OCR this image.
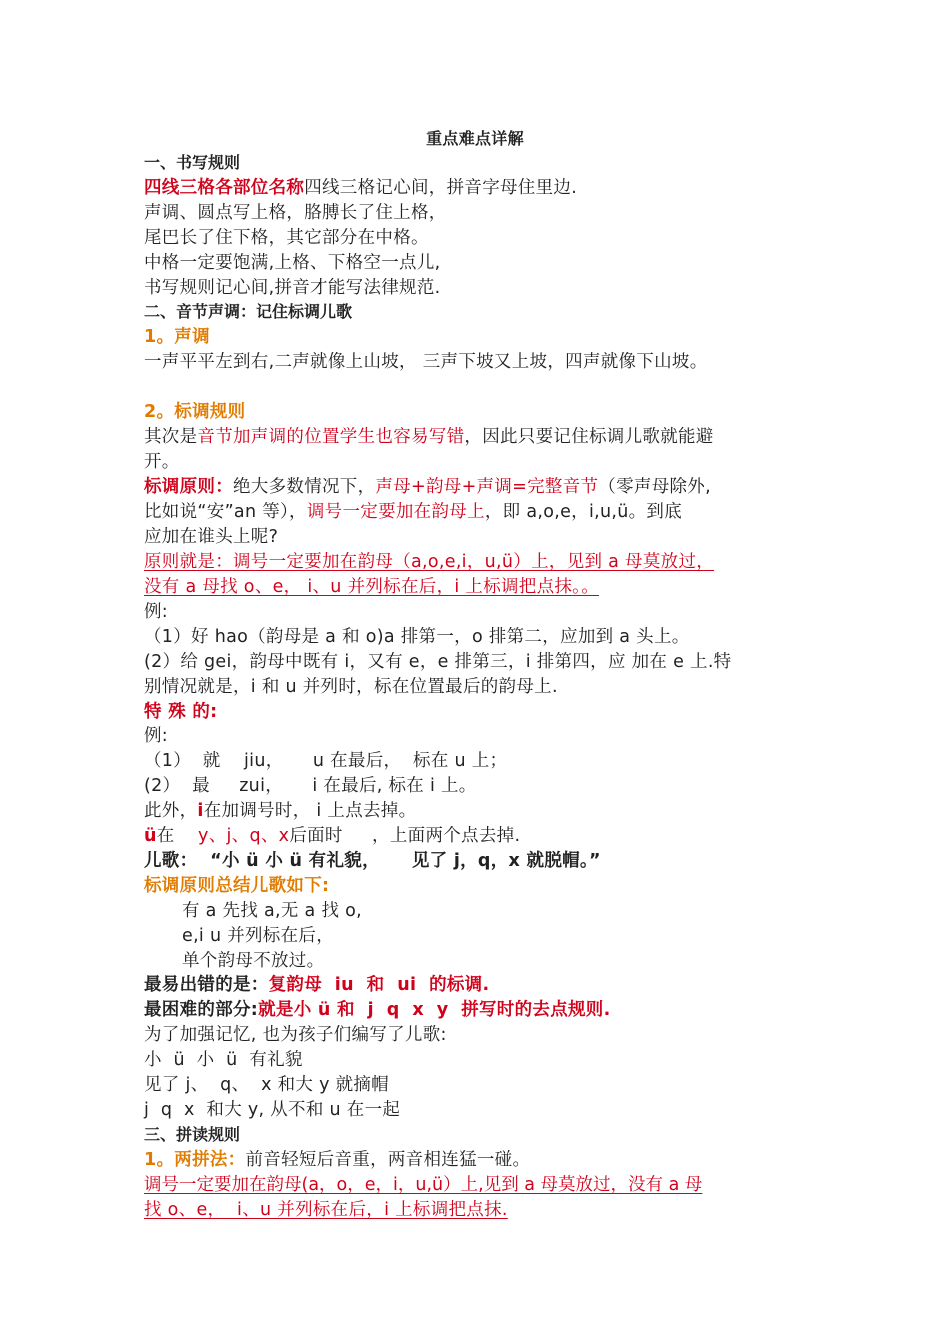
重点难点详解
一、书写规则
四线三格各部位名称四线三格记心间，拼音字母住里边.
声调、圆点写上格，胳膊长了住上格，
尾巴长了住下格，其它部分在中格。
中格一定要饱满,上格、下格空一点儿,
书写规则记心间,拼音才能写法律规范.
二、音节声调：记住标调儿歌
1。声调
一声平平左到右,二声就像上山坡， 三声下坡又上坡，四声就像下山坡。
2。标调规则
其次是音节加声调的位置学生也容易写错，因此只要记住标调儿歌就能避
开。
标调原则：绝大多数情况下，声母+韵母+声调=完整音节（零声母除外,
比如说“安”an 等），调号一定要加在韵母上，即 a,o,e，i,u,ü。到底
应加在谁头上呢?
原则就是：调号一定要加在韵母（a,o,e,i，u,ü）上，见到 a 母莫放过，
没有 a 母找 o、e， i、u 并列标在后，i 上标调把点抹。。
例:
（1）好 hao（韵母是 a 和 o)a 排第一，o 排第二，应加到 a 头上。
(2）给 gei，韵母中既有 i，又有 e，e 排第三，i 排第四，应 加在 e 上.特
别情况就是，i 和 u 并列时，标在位置最后的韵母上.
特 殊 的:
例:
（1）  就    jiu，     u 在最后，  标在 u 上；
(2）  最     zui，     i 在最后, 标在 i 上。
此外，i在加调号时， i 上点去掉。
ü在    y、j、q、x后面时     ，上面两个点去掉.
儿歌：  “小 ü 小 ü 有礼貌，     见了 j，q，x 就脱帽。”
标调原则总结儿歌如下:
有 a 先找 a,无 a 找 o,
e,i u 并列标在后，
单个韵母不放过。
最易出错的是：复韵母  iu  和  ui  的标调.
最困难的部分:就是小 ü 和  j  q  x  y  拼写时的去点规则.
为了加强记忆, 也为孩子们编写了儿歌:
小  ü  小  ü  有礼貌
见了 j、  q、  x 和大 y 就摘帽
j  q  x  和大 y, 从不和 u 在一起
三、拼读规则
1。两拼法：前音轻短后音重，两音相连猛一碰。
调号一定要加在韵母(a，o，e，i，u,ü）上,见到 a 母莫放过，没有 a 母
找 o、e，  i、u 并列标在后，i 上标调把点抹.
